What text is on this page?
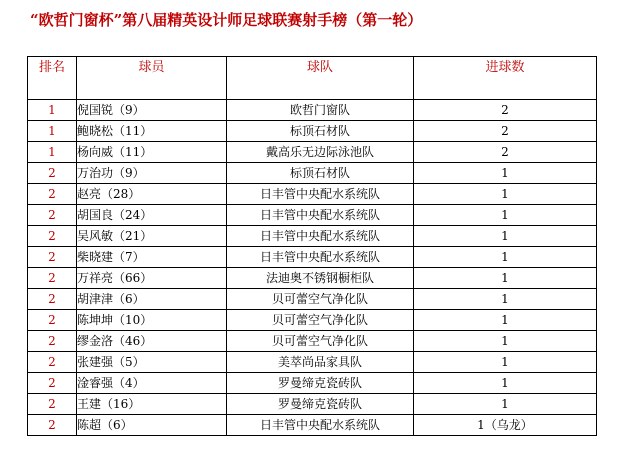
“欧哲门窗杯”第八届精英设计师足球联赛射手榜（第一轮）
排名	球员	球队	进球数
1	倪国锐（9）	欧哲门窗队	2
1	鲍晓松（11）	标顶石材队	2
1	杨向威（11）	戴高乐无边际泳池队	2
2	万治功（9）	标顶石材队	1
2	赵亮（28）	日丰管中央配水系统队	1
2	胡国良（24）	日丰管中央配水系统队	1
2	吴风敏（21）	日丰管中央配水系统队	1
2	柴晓建（7）	日丰管中央配水系统队	1
2	万祥亮（66）	法迪奥不锈钢橱柜队	1
2	胡津津（6）	贝可蕾空气净化队	1
2	陈坤坤（10）	贝可蕾空气净化队	1
2	缪金洛（46）	贝可蕾空气净化队	1
2	张建强（5）	美萃尚品家具队	1
2	淦睿强（4）	罗曼缔克瓷砖队	1
2	王建（16）	罗曼缔克瓷砖队	1
2	陈超（6）	日丰管中央配水系统队	1（乌龙）
